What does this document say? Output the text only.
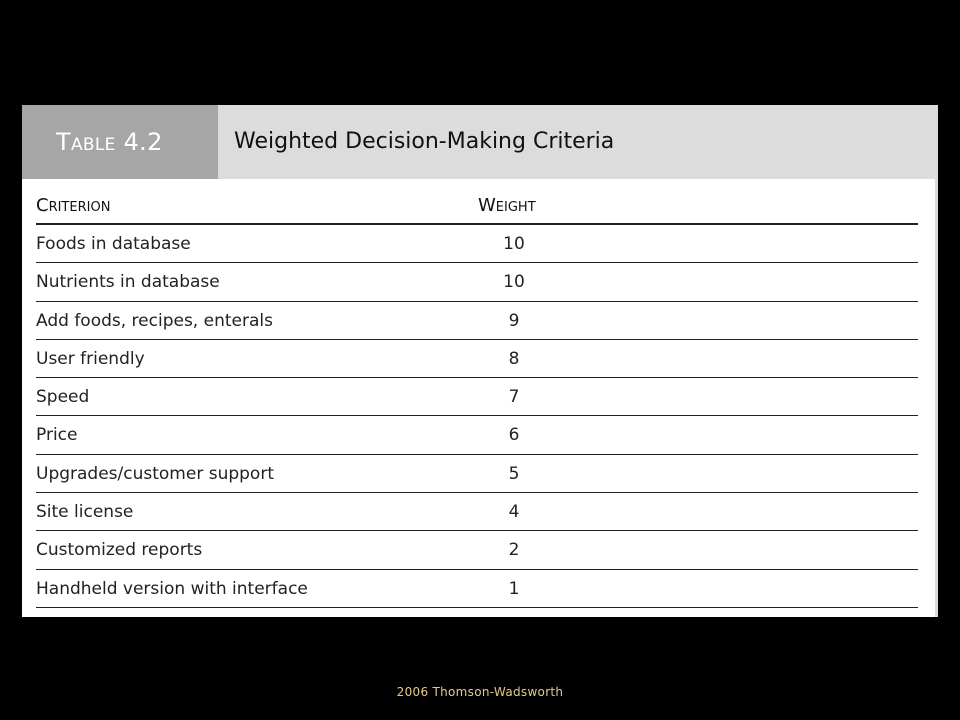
Table 4.2	Weighted Decision-Making Criteria
Criterion	Weight
Foods in database	10
Nutrients in database	10
Add foods, recipes, enterals	9
User friendly	8
Speed	7
Price	6
Upgrades/customer support	5
Site license	4
Customized reports	2
Handheld version with interface	1
2006 Thomson-Wadsworth
